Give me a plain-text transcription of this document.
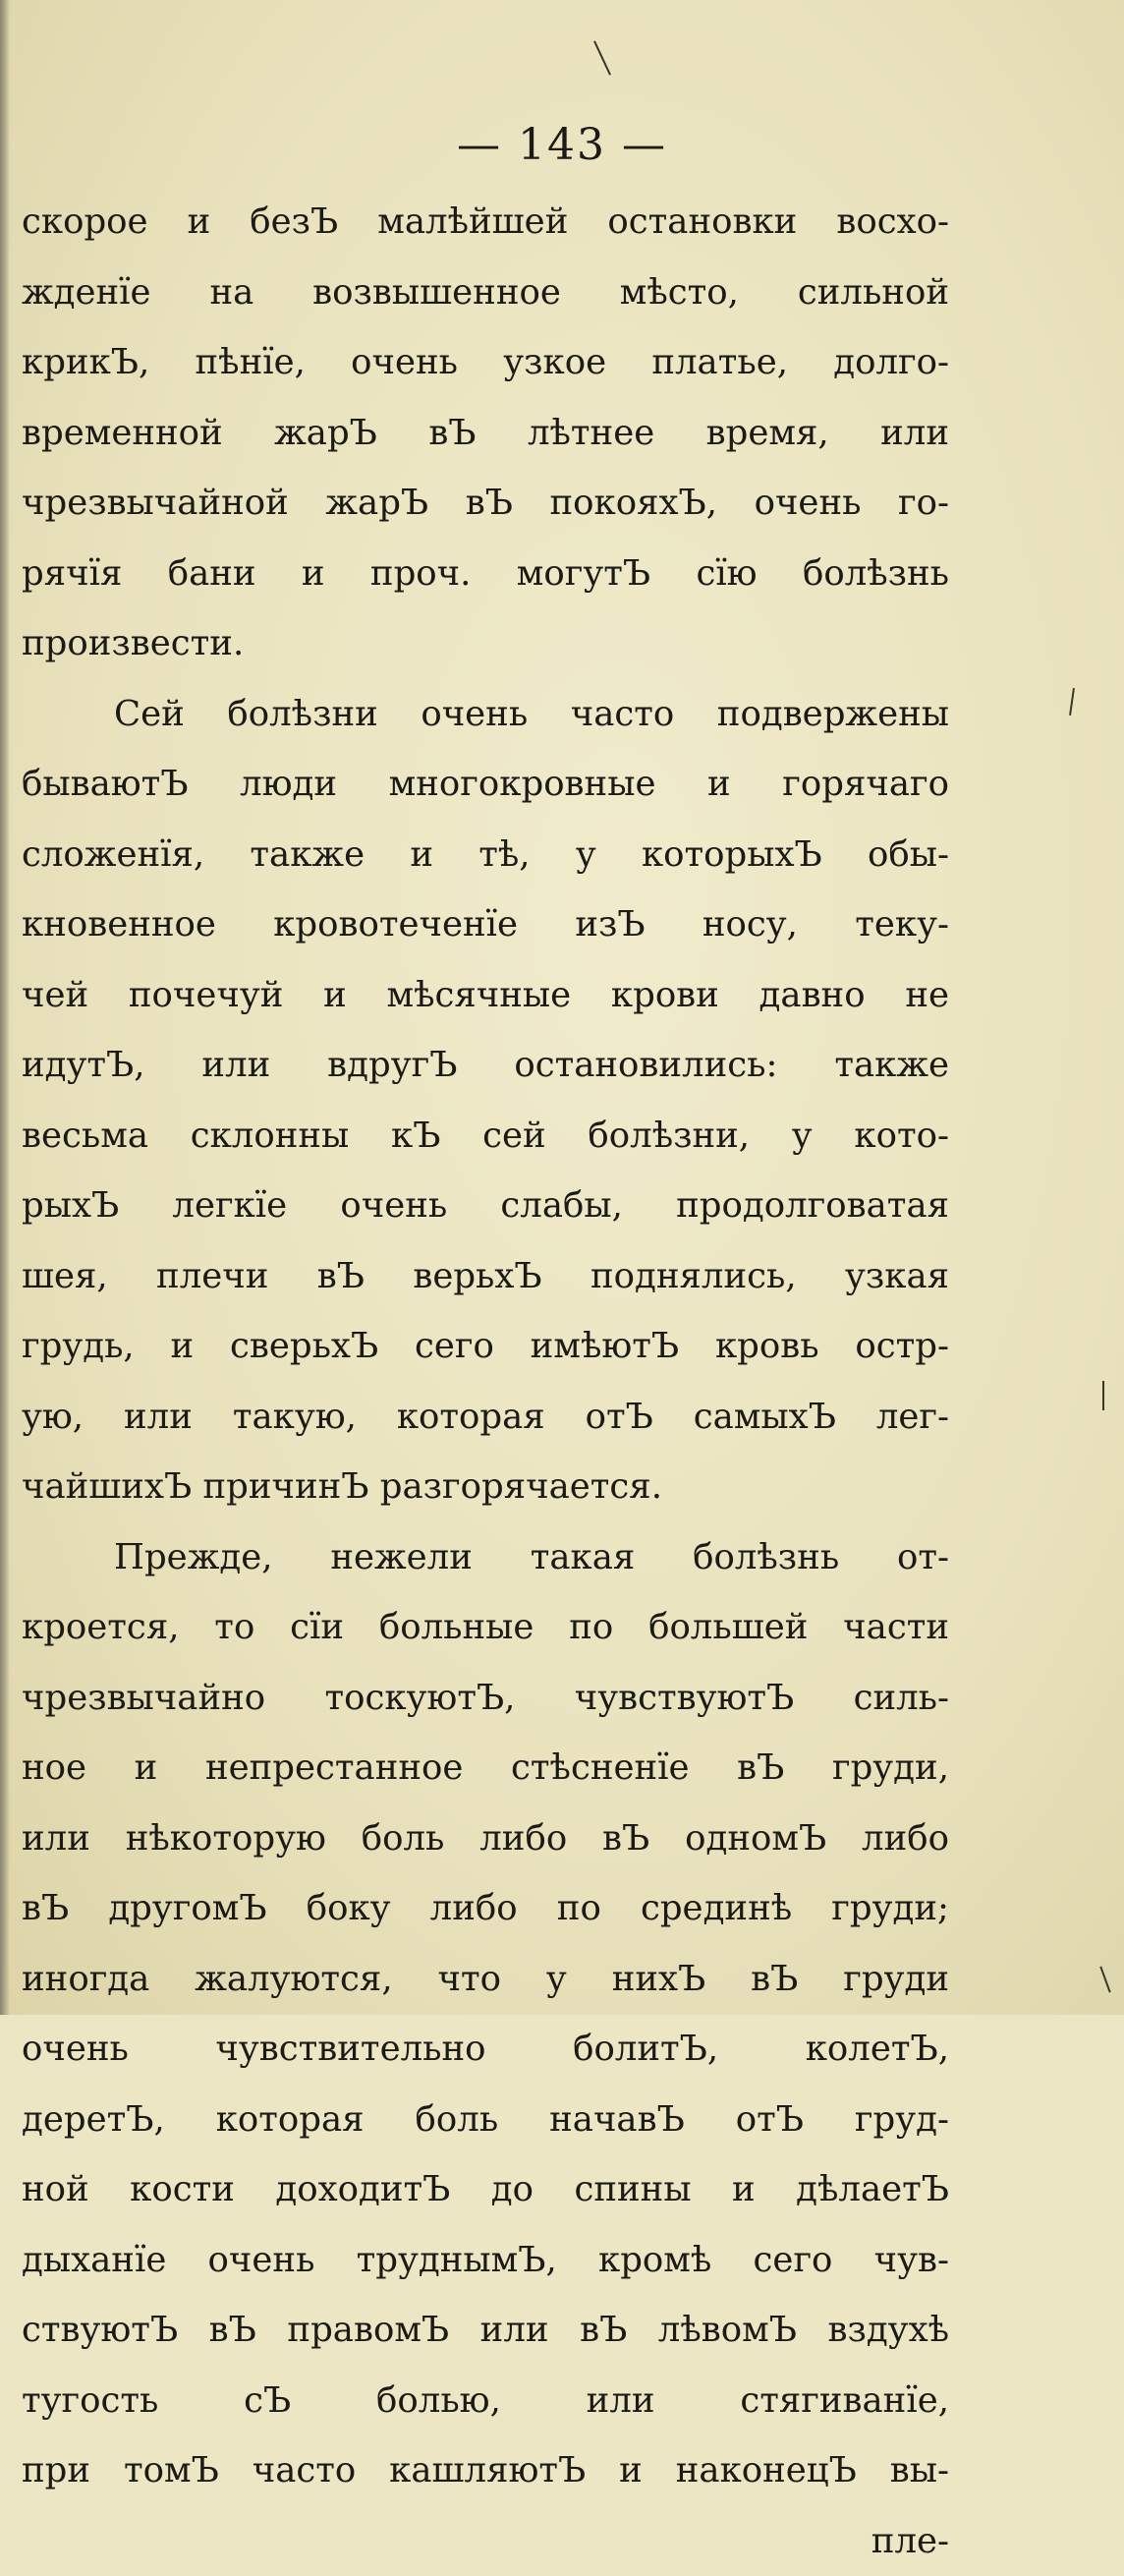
— 143 —
скорое и безЪ малѣйшей остановки восхо-
жденїе на возвышенное мѣсто, сильной
крикЪ, пѣнїе, очень узкое платье, долго-
временной жарЪ вЪ лѣтнее время, или
чрезвычайной жарЪ вЪ покояхЪ, очень го-
рячїя бани и проч. могутЪ сїю болѣзнь
произвести.
Сей болѣзни очень часто подвержены
бываютЪ люди многокровные и горячаго
сложенїя, также и тѣ, у которыхЪ обы-
кновенное кровотеченїе изЪ носу, теку-
чей почечуй и мѣсячные крови давно не
идутЪ, или вдругЪ остановились: также
весьма склонны кЪ сей болѣзни, у кото-
рыхЪ легкїе очень слабы, продолговатая
шея, плечи вЪ верьхЪ поднялись, узкая
грудь, и сверьхЪ сего имѣютЪ кровь остр-
ую, или такую, которая отЪ самыхЪ лег-
чайшихЪ причинЪ разгорячается.
Прежде, нежели такая болѣзнь от-
кроется, то сїи больные по большей части
чрезвычайно тоскуютЪ, чувствуютЪ силь-
ное и непрестанное стѣсненїе вЪ груди,
или нѣкоторую боль либо вЪ одномЪ либо
вЪ другомЪ боку либо по срединѣ груди;
иногда жалуются, что у нихЪ вЪ груди
очень чувствительно болитЪ, колетЪ,
деретЪ, которая боль начавЪ отЪ груд-
ной кости доходитЪ до спины и дѣлаетЪ
дыханїе очень труднымЪ, кромѣ сего чув-
ствуютЪ вЪ правомЪ или вЪ лѣвомЪ вздухѣ
тугость сЪ болью, или стягиванїе,
при томЪ часто кашляютЪ и наконецЪ вы-
пле-
